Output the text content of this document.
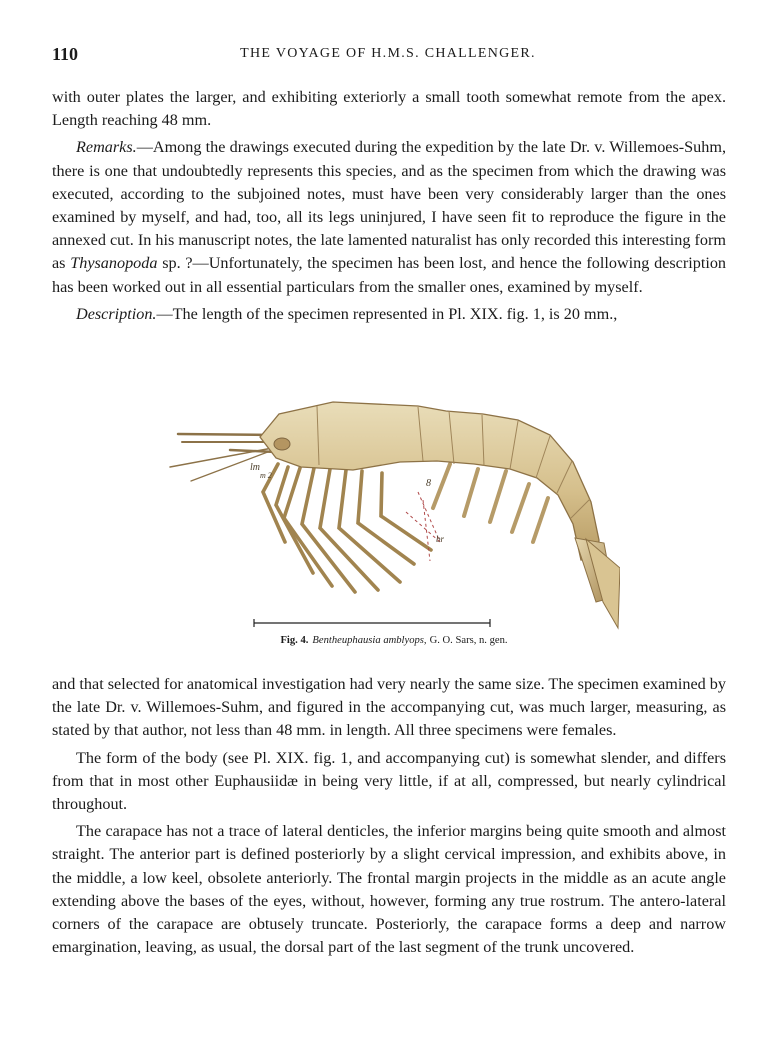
110	THE VOYAGE OF H.M.S. CHALLENGER.

with outer plates the larger, and exhibiting exteriorly a small tooth somewhat remote from the apex. Length reaching 48 mm.

Remarks.—Among the drawings executed during the expedition by the late Dr. v. Willemoes-Suhm, there is one that undoubtedly represents this species, and as the specimen from which the drawing was executed, according to the subjoined notes, must have been very considerably larger than the ones examined by myself, and had, too, all its legs uninjured, I have seen fit to reproduce the figure in the annexed cut. In his manuscript notes, the late lamented naturalist has only recorded this interesting form as Thysanopoda sp. ?—Unfortunately, the specimen has been lost, and hence the following description has been worked out in all essential particulars from the smaller ones, examined by myself.

Description.—The length of the specimen represented in Pl. XIX. fig. 1, is 20 mm.,

lm
m 2
8
br
Fig. 4. Bentheuphausia amblyops, G. O. Sars, n. gen.

and that selected for anatomical investigation had very nearly the same size. The specimen examined by the late Dr. v. Willemoes-Suhm, and figured in the accompanying cut, was much larger, measuring, as stated by that author, not less than 48 mm. in length. All three specimens were females.

The form of the body (see Pl. XIX. fig. 1, and accompanying cut) is somewhat slender, and differs from that in most other Euphausiidæ in being very little, if at all, compressed, but nearly cylindrical throughout.

The carapace has not a trace of lateral denticles, the inferior margins being quite smooth and almost straight. The anterior part is defined posteriorly by a slight cervical impression, and exhibits above, in the middle, a low keel, obsolete anteriorly. The frontal margin projects in the middle as an acute angle extending above the bases of the eyes, without, however, forming any true rostrum. The antero-lateral corners of the carapace are obtusely truncate. Posteriorly, the carapace forms a deep and narrow emargination, leaving, as usual, the dorsal part of the last segment of the trunk uncovered.
